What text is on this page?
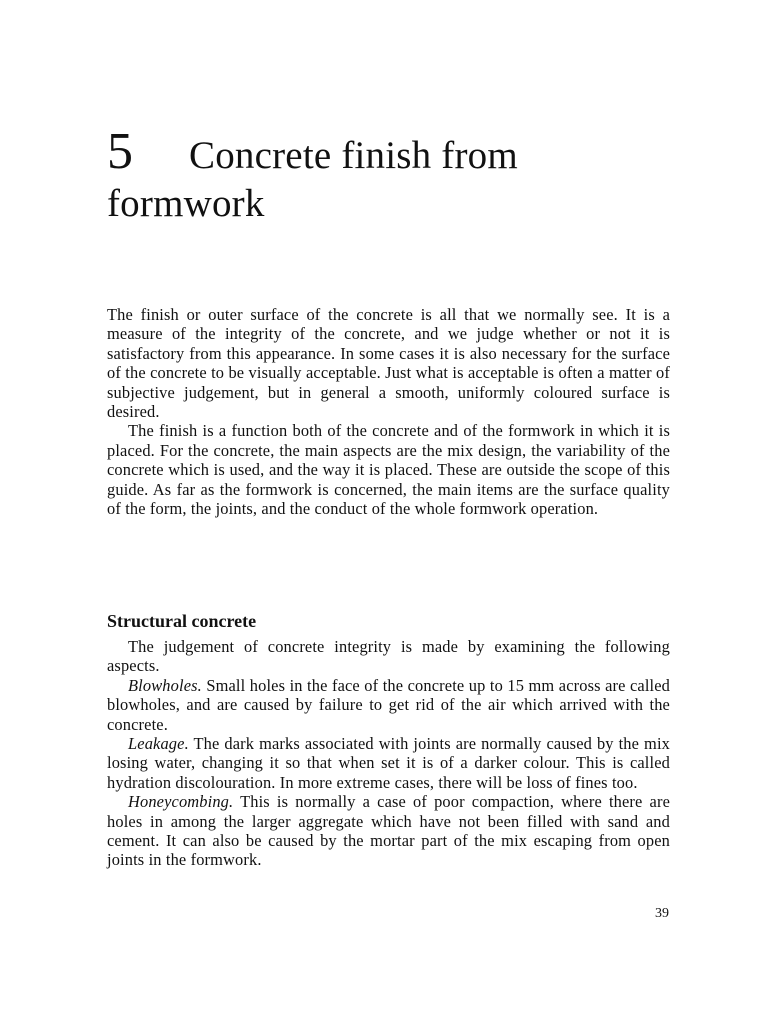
5 Concrete finish from
formwork

The finish or outer surface of the concrete is all that we normally see. It is a measure of the integrity of the concrete, and we judge whether or not it is satisfactory from this appearance. In some cases it is also necessary for the surface of the concrete to be visually acceptable. Just what is acceptable is often a matter of subjective judgement, but in general a smooth, uniformly coloured surface is desired.

The finish is a function both of the concrete and of the formwork in which it is placed. For the concrete, the main aspects are the mix design, the variability of the concrete which is used, and the way it is placed. These are outside the scope of this guide. As far as the formwork is concerned, the main items are the surface quality of the form, the joints, and the conduct of the whole formwork operation.

Structural concrete

The judgement of concrete integrity is made by examining the following aspects.

Blowholes. Small holes in the face of the concrete up to 15 mm across are called blowholes, and are caused by failure to get rid of the air which arrived with the concrete.

Leakage. The dark marks associated with joints are normally caused by the mix losing water, changing it so that when set it is of a darker colour. This is called hydration discolouration. In more extreme cases, there will be loss of fines too.

Honeycombing. This is normally a case of poor compaction, where there are holes in among the larger aggregate which have not been filled with sand and cement. It can also be caused by the mortar part of the mix escaping from open joints in the formwork.

39
